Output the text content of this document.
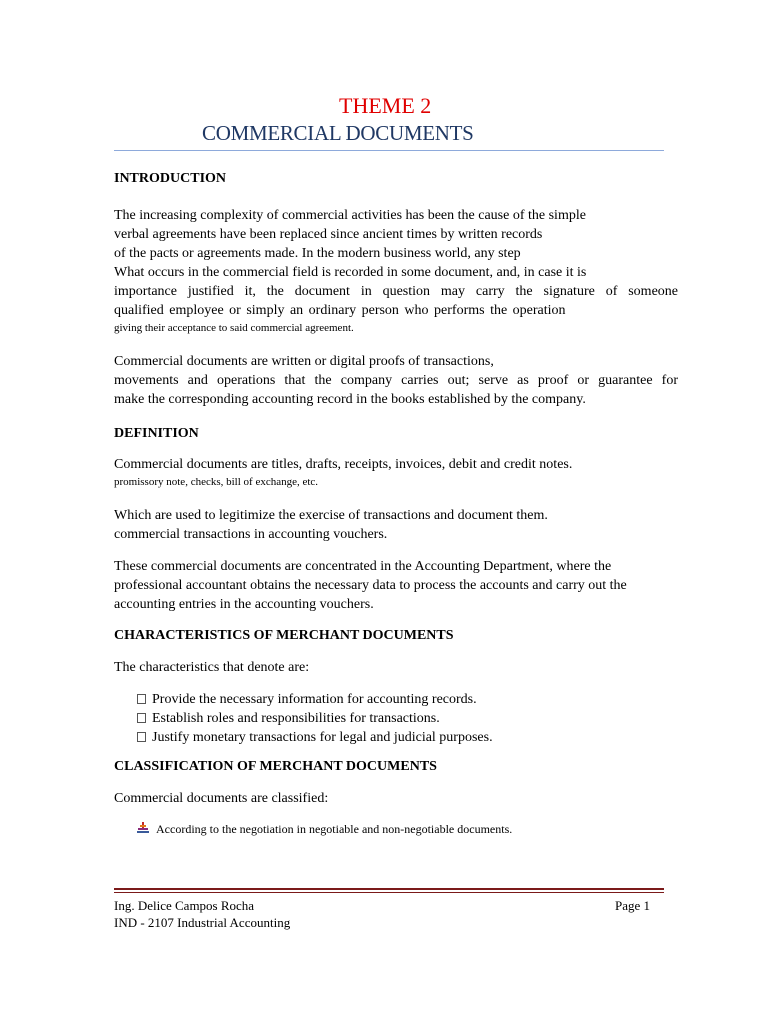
THEME 2
COMMERCIAL DOCUMENTS
INTRODUCTION
The increasing complexity of commercial activities has been the cause of the simple
verbal agreements have been replaced since ancient times by written records
of the pacts or agreements made. In the modern business world, any step
What occurs in the commercial field is recorded in some document, and, in case it is
importance justified it, the document in question may carry the signature of someone
qualified employee or simply an ordinary person who performs the operation
giving their acceptance to said commercial agreement.
Commercial documents are written or digital proofs of transactions,
movements and operations that the company carries out; serve as proof or guarantee for
make the corresponding accounting record in the books established by the company.
DEFINITION
Commercial documents are titles, drafts, receipts, invoices, debit and credit notes.
promissory note, checks, bill of exchange, etc.
Which are used to legitimize the exercise of transactions and document them.
commercial transactions in accounting vouchers.
These commercial documents are concentrated in the Accounting Department, where the
professional accountant obtains the necessary data to process the accounts and carry out the
accounting entries in the accounting vouchers.
CHARACTERISTICS OF MERCHANT DOCUMENTS
The characteristics that denote are:
Provide the necessary information for accounting records.
Establish roles and responsibilities for transactions.
Justify monetary transactions for legal and judicial purposes.
CLASSIFICATION OF MERCHANT DOCUMENTS
Commercial documents are classified:
According to the negotiation in negotiable and non-negotiable documents.
Ing. Delice Campos Rocha	Page 1
IND - 2107 Industrial Accounting
